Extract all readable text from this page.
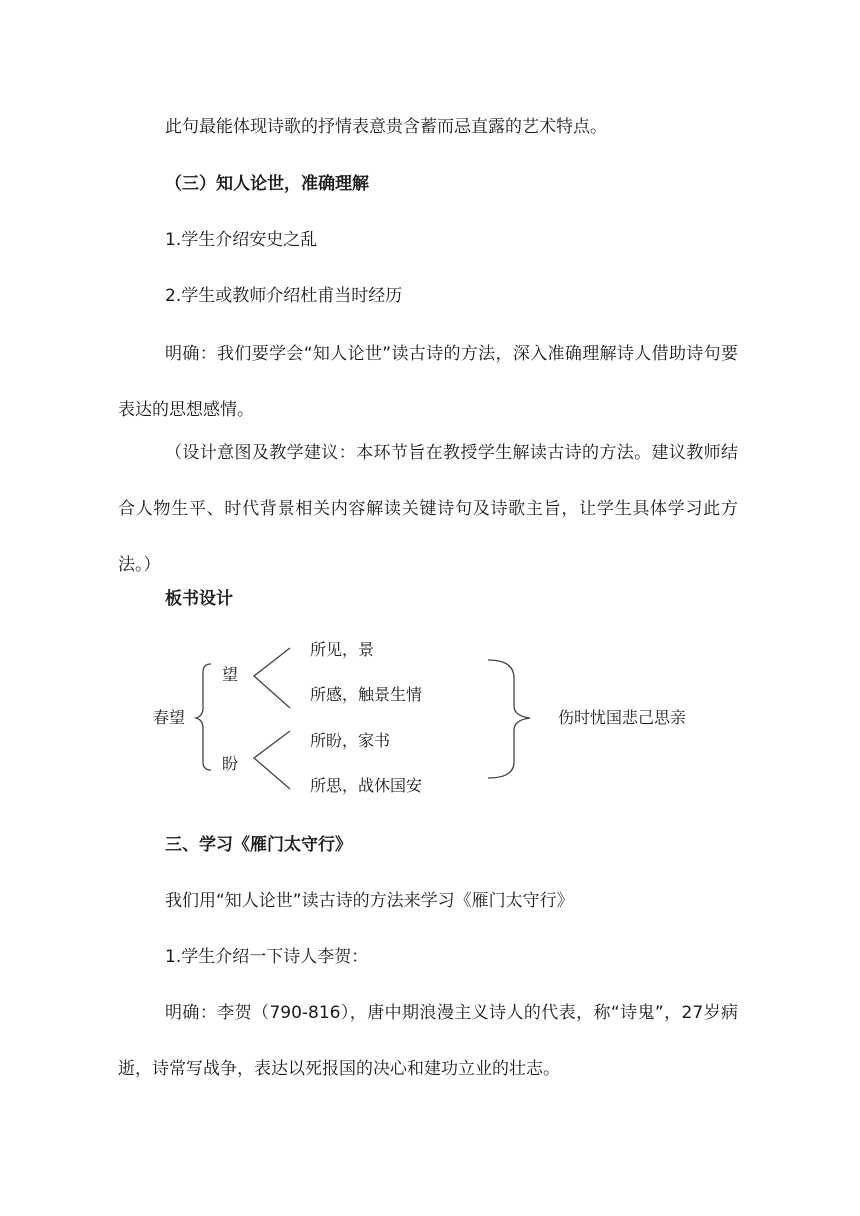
此句最能体现诗歌的抒情表意贵含蓄而忌直露的艺术特点。
（三）知人论世，准确理解
1.学生介绍安史之乱
2.学生或教师介绍杜甫当时经历
明确：我们要学会“知人论世”读古诗的方法，深入准确理解诗人借助诗句要表达的思想感情。
（设计意图及教学建议：本环节旨在教授学生解读古诗的方法。建议教师结合人物生平、时代背景相关内容解读关键诗句及诗歌主旨，让学生具体学习此方法。）
板书设计
春望
望
盼
所见，景
所感，触景生情
所盼，家书
所思，战休国安
伤时忧国悲己思亲
三、学习《雁门太守行》
我们用“知人论世”读古诗的方法来学习《雁门太守行》
1.学生介绍一下诗人李贺：
明确：李贺（790-816），唐中期浪漫主义诗人的代表，称“诗鬼”，27岁病逝，诗常写战争，表达以死报国的决心和建功立业的壮志。
